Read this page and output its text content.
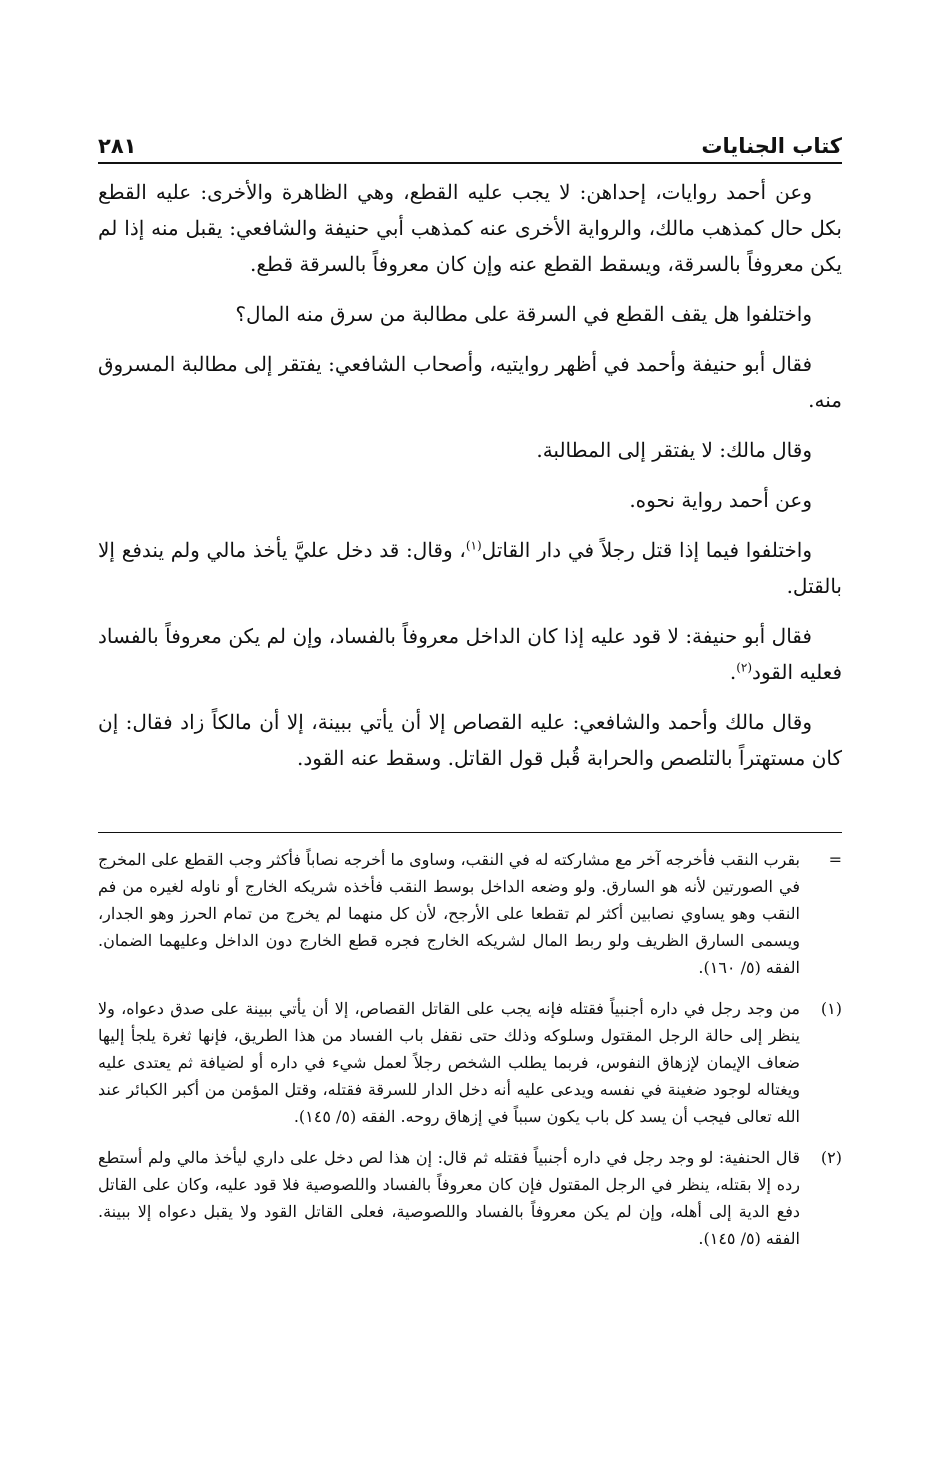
كتاب الجنايات
٢٨١

وعن أحمد روايات، إحداهن: لا يجب عليه القطع، وهي الظاهرة والأخرى: عليه القطع بكل حال كمذهب مالك، والرواية الأخرى عنه كمذهب أبي حنيفة والشافعي: يقبل منه إذا لم يكن معروفاً بالسرقة، ويسقط القطع عنه وإن كان معروفاً بالسرقة قطع.

واختلفوا هل يقف القطع في السرقة على مطالبة من سرق منه المال؟

فقال أبو حنيفة وأحمد في أظهر روايتيه، وأصحاب الشافعي: يفتقر إلى مطالبة المسروق منه.

وقال مالك: لا يفتقر إلى المطالبة.

وعن أحمد رواية نحوه.

واختلفوا فيما إذا قتل رجلاً في دار القاتل$^{(١)}$، وقال: قد دخل عليَّ يأخذ مالي ولم يندفع إلا بالقتل.

فقال أبو حنيفة: لا قود عليه إذا كان الداخل معروفاً بالفساد، وإن لم يكن معروفاً بالفساد فعليه القود$^{(٢)}$.

وقال مالك وأحمد والشافعي: عليه القصاص إلا أن يأتي ببينة، إلا أن مالكاً زاد فقال: إن كان مستهتراً بالتلصص والحرابة قُبل قول القاتل. وسقط عنه القود.

=
بقرب النقب فأخرجه آخر مع مشاركته له في النقب، وساوى ما أخرجه نصاباً فأكثر وجب القطع على المخرج في الصورتين لأنه هو السارق. ولو وضعه الداخل بوسط النقب فأخذه شريكه الخارج أو ناوله لغيره من فم النقب وهو يساوي نصابين أكثر لم تقطعا على الأرجح، لأن كل منهما لم يخرج من تمام الحرز وهو الجدار، ويسمى السارق الظريف ولو ربط المال لشريكه الخارج فجره قطع الخارج دون الداخل وعليهما الضمان. الفقه (٥/ ١٦٠).
(١)
من وجد رجل في داره أجنبياً فقتله فإنه يجب على القاتل القصاص، إلا أن يأتي ببينة على صدق دعواه، ولا ينظر إلى حالة الرجل المقتول وسلوكه وذلك حتى نقفل باب الفساد من هذا الطريق، فإنها ثغرة يلجأ إليها ضعاف الإيمان لإزهاق النفوس، فربما يطلب الشخص رجلاً لعمل شيء في داره أو لضيافة ثم يعتدى عليه ويغتاله لوجود ضغينة في نفسه ويدعى عليه أنه دخل الدار للسرقة فقتله، وقتل المؤمن من أكبر الكبائر عند الله تعالى فيجب أن يسد كل باب يكون سبباً في إزهاق روحه. الفقه (٥/ ١٤٥).
(٢)
قال الحنفية: لو وجد رجل في داره أجنبياً فقتله ثم قال: إن هذا لص دخل على داري ليأخذ مالي ولم أستطع رده إلا بقتله، ينظر في الرجل المقتول فإن كان معروفاً بالفساد واللصوصية فلا قود عليه، وكان على القاتل دفع الدية إلى أهله، وإن لم يكن معروفاً بالفساد واللصوصية، فعلى القاتل القود ولا يقبل دعواه إلا ببينة. الفقه (٥/ ١٤٥).
